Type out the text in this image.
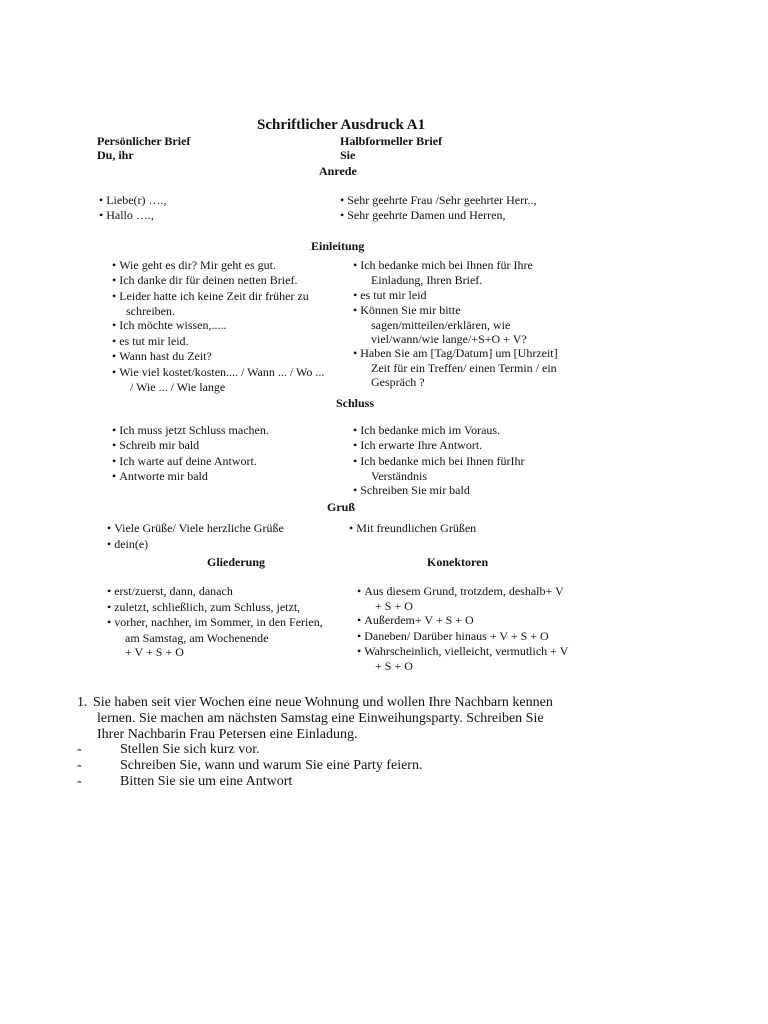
Schriftlicher Ausdruck A1
Persönlicher Brief
Du, ihr
Halbformeller Brief
Sie
Anrede
• Liebe(r) ….,
• Hallo ….,
• Sehr geehrte Frau /Sehr geehrter Herr..,
• Sehr geehrte Damen und Herren,
Einleitung
• Wie geht es dir? Mir geht es gut.
• Ich danke dir für deinen netten Brief.
• Leider hatte ich keine Zeit dir früher zu
schreiben.
• Ich möchte wissen,.....
• es tut mir leid.
• Wann hast du Zeit?
• Wie viel kostet/kosten.... / Wann ... / Wo ...
/ Wie ... / Wie lange
• Ich bedanke mich bei Ihnen für Ihre
Einladung, Ihren Brief.
• es tut mir leid
• Können Sie mir bitte
sagen/mitteilen/erklären, wie
viel/wann/wie lange/+S+O + V?
• Haben Sie am [Tag/Datum] um [Uhrzeit]
Zeit für ein Treffen/ einen Termin / ein
Gespräch ?
Schluss
• Ich muss jetzt Schluss machen.
• Schreib mir bald
• Ich warte auf deine Antwort.
• Antworte mir bald
• Ich bedanke mich im Voraus.
• Ich erwarte Ihre Antwort.
• Ich bedanke mich bei Ihnen fürIhr
Verständnis
• Schreiben Sie mir bald
Gruß
• Viele Grüße/ Viele herzliche Grüße
• dein(e)
• Mit freundlichen Grüßen
Gliederung	Konektoren
• erst/zuerst, dann, danach
• zuletzt, schließlich, zum Schluss, jetzt,
• vorher, nachher, im Sommer, in den Ferien,
am Samstag, am Wochenende
+ V + S + O
• Aus diesem Grund, trotzdem, deshalb+ V
+ S + O
• Außerdem+ V + S + O
• Daneben/ Darüber hinaus + V + S + O
• Wahrscheinlich, vielleicht, vermutlich + V
+ S + O
1. Sie haben seit vier Wochen eine neue Wohnung und wollen Ihre Nachbarn kennen
lernen. Sie machen am nächsten Samstag eine Einweihungsparty. Schreiben Sie
Ihrer Nachbarin Frau Petersen eine Einladung.
-	Stellen Sie sich kurz vor.
-	Schreiben Sie, wann und warum Sie eine Party feiern.
-	Bitten Sie sie um eine Antwort
